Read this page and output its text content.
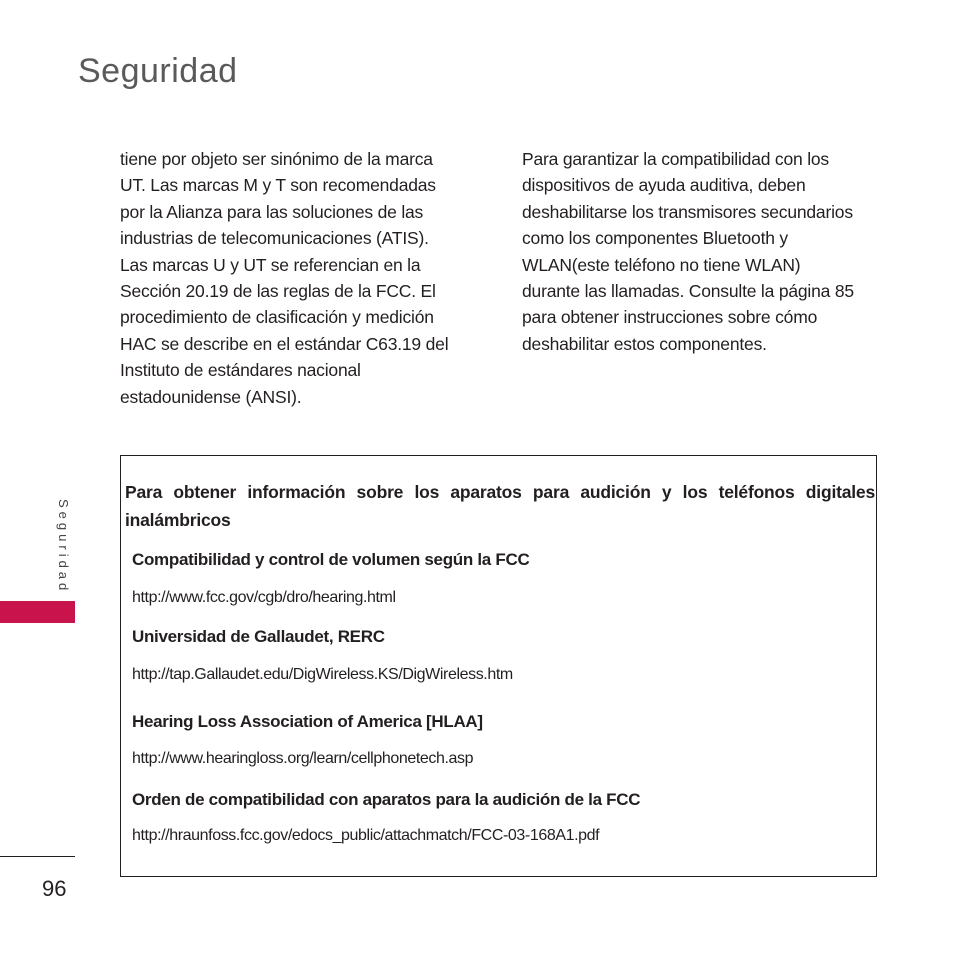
Seguridad
tiene por objeto ser sinónimo de la marca
UT. Las marcas M y T son recomendadas
por la Alianza para las soluciones de las
industrias de telecomunicaciones (ATIS).
Las marcas U y UT se referencian en la
Sección 20.19 de las reglas de la FCC. El
procedimiento de clasificación y medición
HAC se describe en el estándar C63.19 del
Instituto de estándares nacional
estadounidense (ANSI).
Para garantizar la compatibilidad con los
dispositivos de ayuda auditiva, deben
deshabilitarse los transmisores secundarios
como los componentes Bluetooth y
WLAN(este teléfono no tiene WLAN)
durante las llamadas. Consulte la página 85
para obtener instrucciones sobre cómo
deshabilitar estos componentes.
Seguridad
96
Para obtener información sobre los aparatos para audición y los teléfonos digitales inalámbricos
Compatibilidad y control de volumen según la FCC
http://www.fcc.gov/cgb/dro/hearing.html
Universidad de Gallaudet, RERC
http://tap.Gallaudet.edu/DigWireless.KS/DigWireless.htm
Hearing Loss Association of America [HLAA]
http://www.hearingloss.org/learn/cellphonetech.asp
Orden de compatibilidad con aparatos para la audición de la FCC
http://hraunfoss.fcc.gov/edocs_public/attachmatch/FCC-03-168A1.pdf
